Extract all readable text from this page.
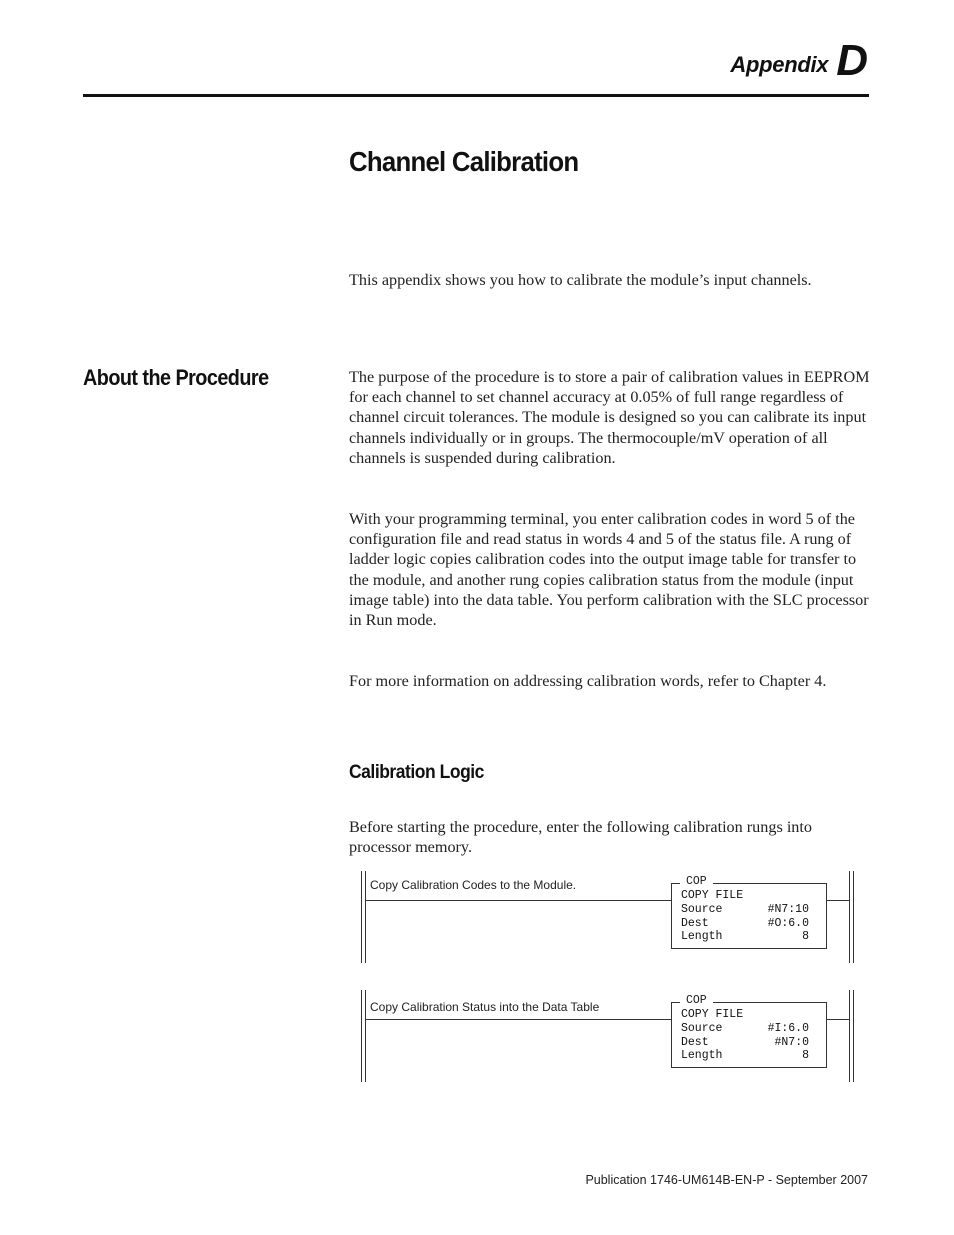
Appendix D
Channel Calibration

This appendix shows you how to calibrate the module’s input channels.

About the Procedure	The purpose of the procedure is to store a pair of calibration values in EEPROM for each channel to set channel accuracy at 0.05% of full range regardless of channel circuit tolerances. The module is designed so you can calibrate its input channels individually or in groups. The thermocouple/mV operation of all channels is suspended during calibration.

With your programming terminal, you enter calibration codes in word 5 of the configuration file and read status in words 4 and 5 of the status file. A rung of ladder logic copies calibration codes into the output image table for transfer to the module, and another rung copies calibration status from the module (input image table) into the data table. You perform calibration with the SLC processor in Run mode.

For more information on addressing calibration words, refer to Chapter 4.

Calibration Logic

Before starting the procedure, enter the following calibration rungs into processor memory.

Copy Calibration Codes to the Module.	COP
COPY FILE
Source	#N7:10
Dest	#O:6.0
Length	8
Copy Calibration Status into the Data Table	COP
COPY FILE
Source	#I:6.0
Dest	#N7:0
Length	8
Publication 1746-UM614B-EN-P - September 2007
